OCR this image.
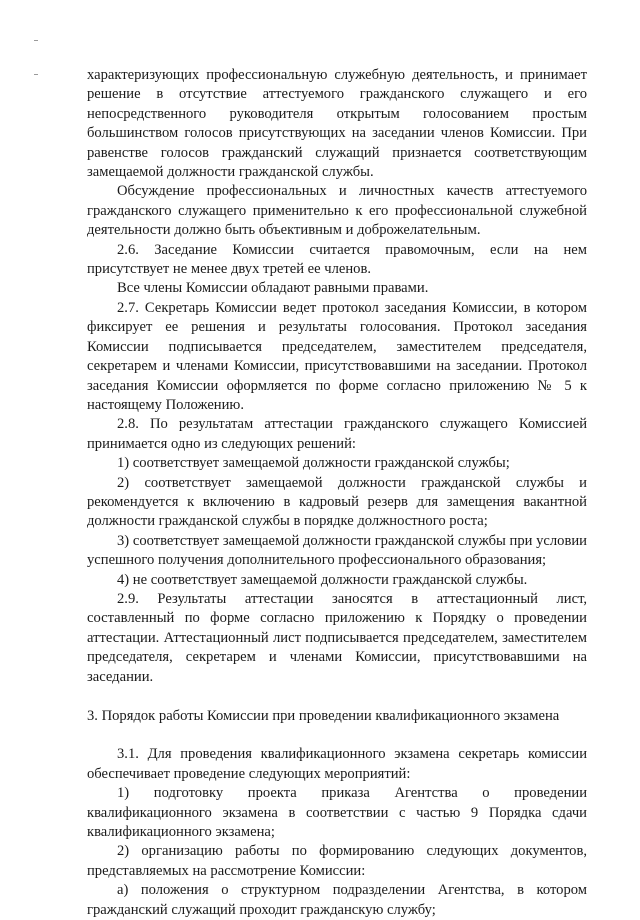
характеризующих профессиональную служебную деятельность, и принимает решение в отсутствие аттестуемого гражданского служащего и его непосредственного руководителя открытым голосованием простым большинством голосов присутствующих на заседании членов Комиссии. При равенстве голосов гражданский служащий признается соответствующим замещаемой должности гражданской службы.

Обсуждение профессиональных и личностных качеств аттестуемого гражданского служащего применительно к его профессиональной служебной деятельности должно быть объективным и доброжелательным.

2.6. Заседание Комиссии считается правомочным, если на нем присутствует не менее двух третей ее членов.

Все члены Комиссии обладают равными правами.

2.7. Секретарь Комиссии ведет протокол заседания Комиссии, в котором фиксирует ее решения и результаты голосования. Протокол заседания Комиссии подписывается председателем, заместителем председателя, секретарем и членами Комиссии, присутствовавшими на заседании. Протокол заседания Комиссии оформляется по форме согласно приложению № 5 к настоящему Положению.

2.8. По результатам аттестации гражданского служащего Комиссией принимается одно из следующих решений:

1) соответствует замещаемой должности гражданской службы;

2) соответствует замещаемой должности гражданской службы и рекомендуется к включению в кадровый резерв для замещения вакантной должности гражданской службы в порядке должностного роста;

3) соответствует замещаемой должности гражданской службы при условии успешного получения дополнительного профессионального образования;

4) не соответствует замещаемой должности гражданской службы.

2.9. Результаты аттестации заносятся в аттестационный лист, составленный по форме согласно приложению к Порядку о проведении аттестации. Аттестационный лист подписывается председателем, заместителем председателя, секретарем и членами Комиссии, присутствовавшими на заседании.

3. Порядок работы Комиссии при проведении квалификационного экзамена

3.1. Для проведения квалификационного экзамена секретарь комиссии обеспечивает проведение следующих мероприятий:

1) подготовку проекта приказа Агентства о проведении квалификационного экзамена в соответствии с частью 9 Порядка сдачи квалификационного экзамена;

2) организацию работы по формированию следующих документов, представляемых на рассмотрение Комиссии:

а) положения о структурном подразделении Агентства, в котором гражданский служащий проходит гражданскую службу;
